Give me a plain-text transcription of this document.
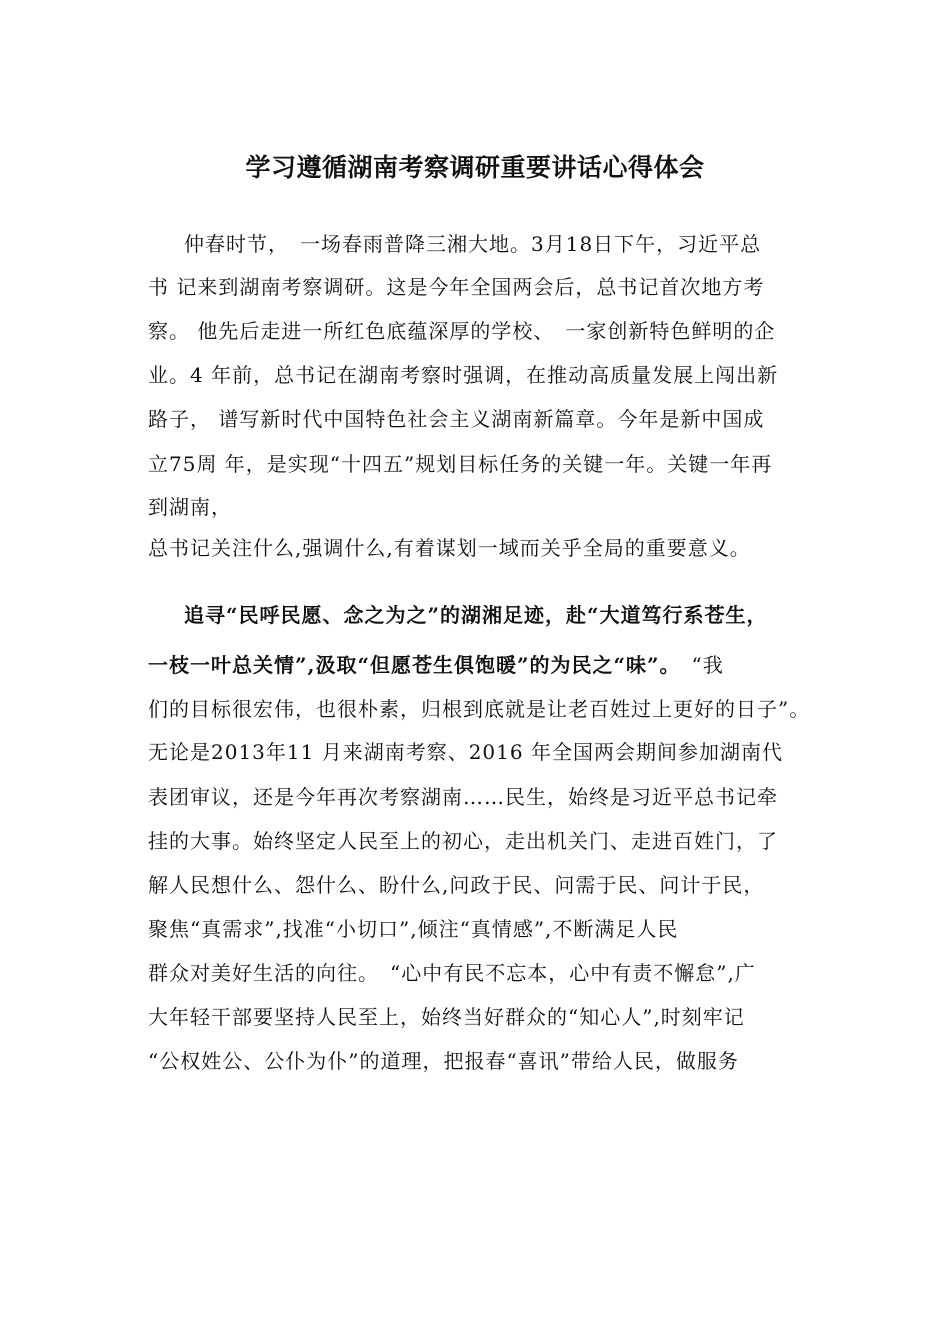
学习遵循湖南考察调研重要讲话心得体会
仲春时节，　一场春雨普降三湘大地。3月18日下午，习近平总
书 记来到湖南考察调研。这是今年全国两会后，总书记首次地方考
察。 他先后走进一所红色底蕴深厚的学校、　一家创新特色鲜明的企
业。4 年前，总书记在湖南考察时强调，在推动高质量发展上闯出新
路子， 谱写新时代中国特色社会主义湖南新篇章。今年是新中国成
立75周 年，是实现“十四五”规划目标任务的关键一年。关键一年再
到湖南，
总书记关注什么,强调什么,有着谋划一域而关乎全局的重要意义。
追寻“民呼民愿、念之为之”的湖湘足迹，赴“大道笃行系苍生，
一枝一叶总关情”,汲取“但愿苍生俱饱暖”的为民之“味”。　“我
们的目标很宏伟，也很朴素，归根到底就是让老百姓过上更好的日子”。
无论是2013年11 月来湖南考察、2016 年全国两会期间参加湖南代
表团审议，还是今年再次考察湖南……民生，始终是习近平总书记牵
挂的大事。始终坚定人民至上的初心，走出机关门、走进百姓门，了
解人民想什么、怨什么、盼什么,问政于民、问需于民、问计于民，
聚焦“真需求”,找准“小切口”,倾注“真情感”,不断满足人民
群众对美好生活的向往。　“心中有民不忘本，心中有责不懈怠”,广
大年轻干部要坚持人民至上，始终当好群众的“知心人”,时刻牢记
“公权姓公、公仆为仆”的道理，把报春“喜讯”带给人民，做服务
